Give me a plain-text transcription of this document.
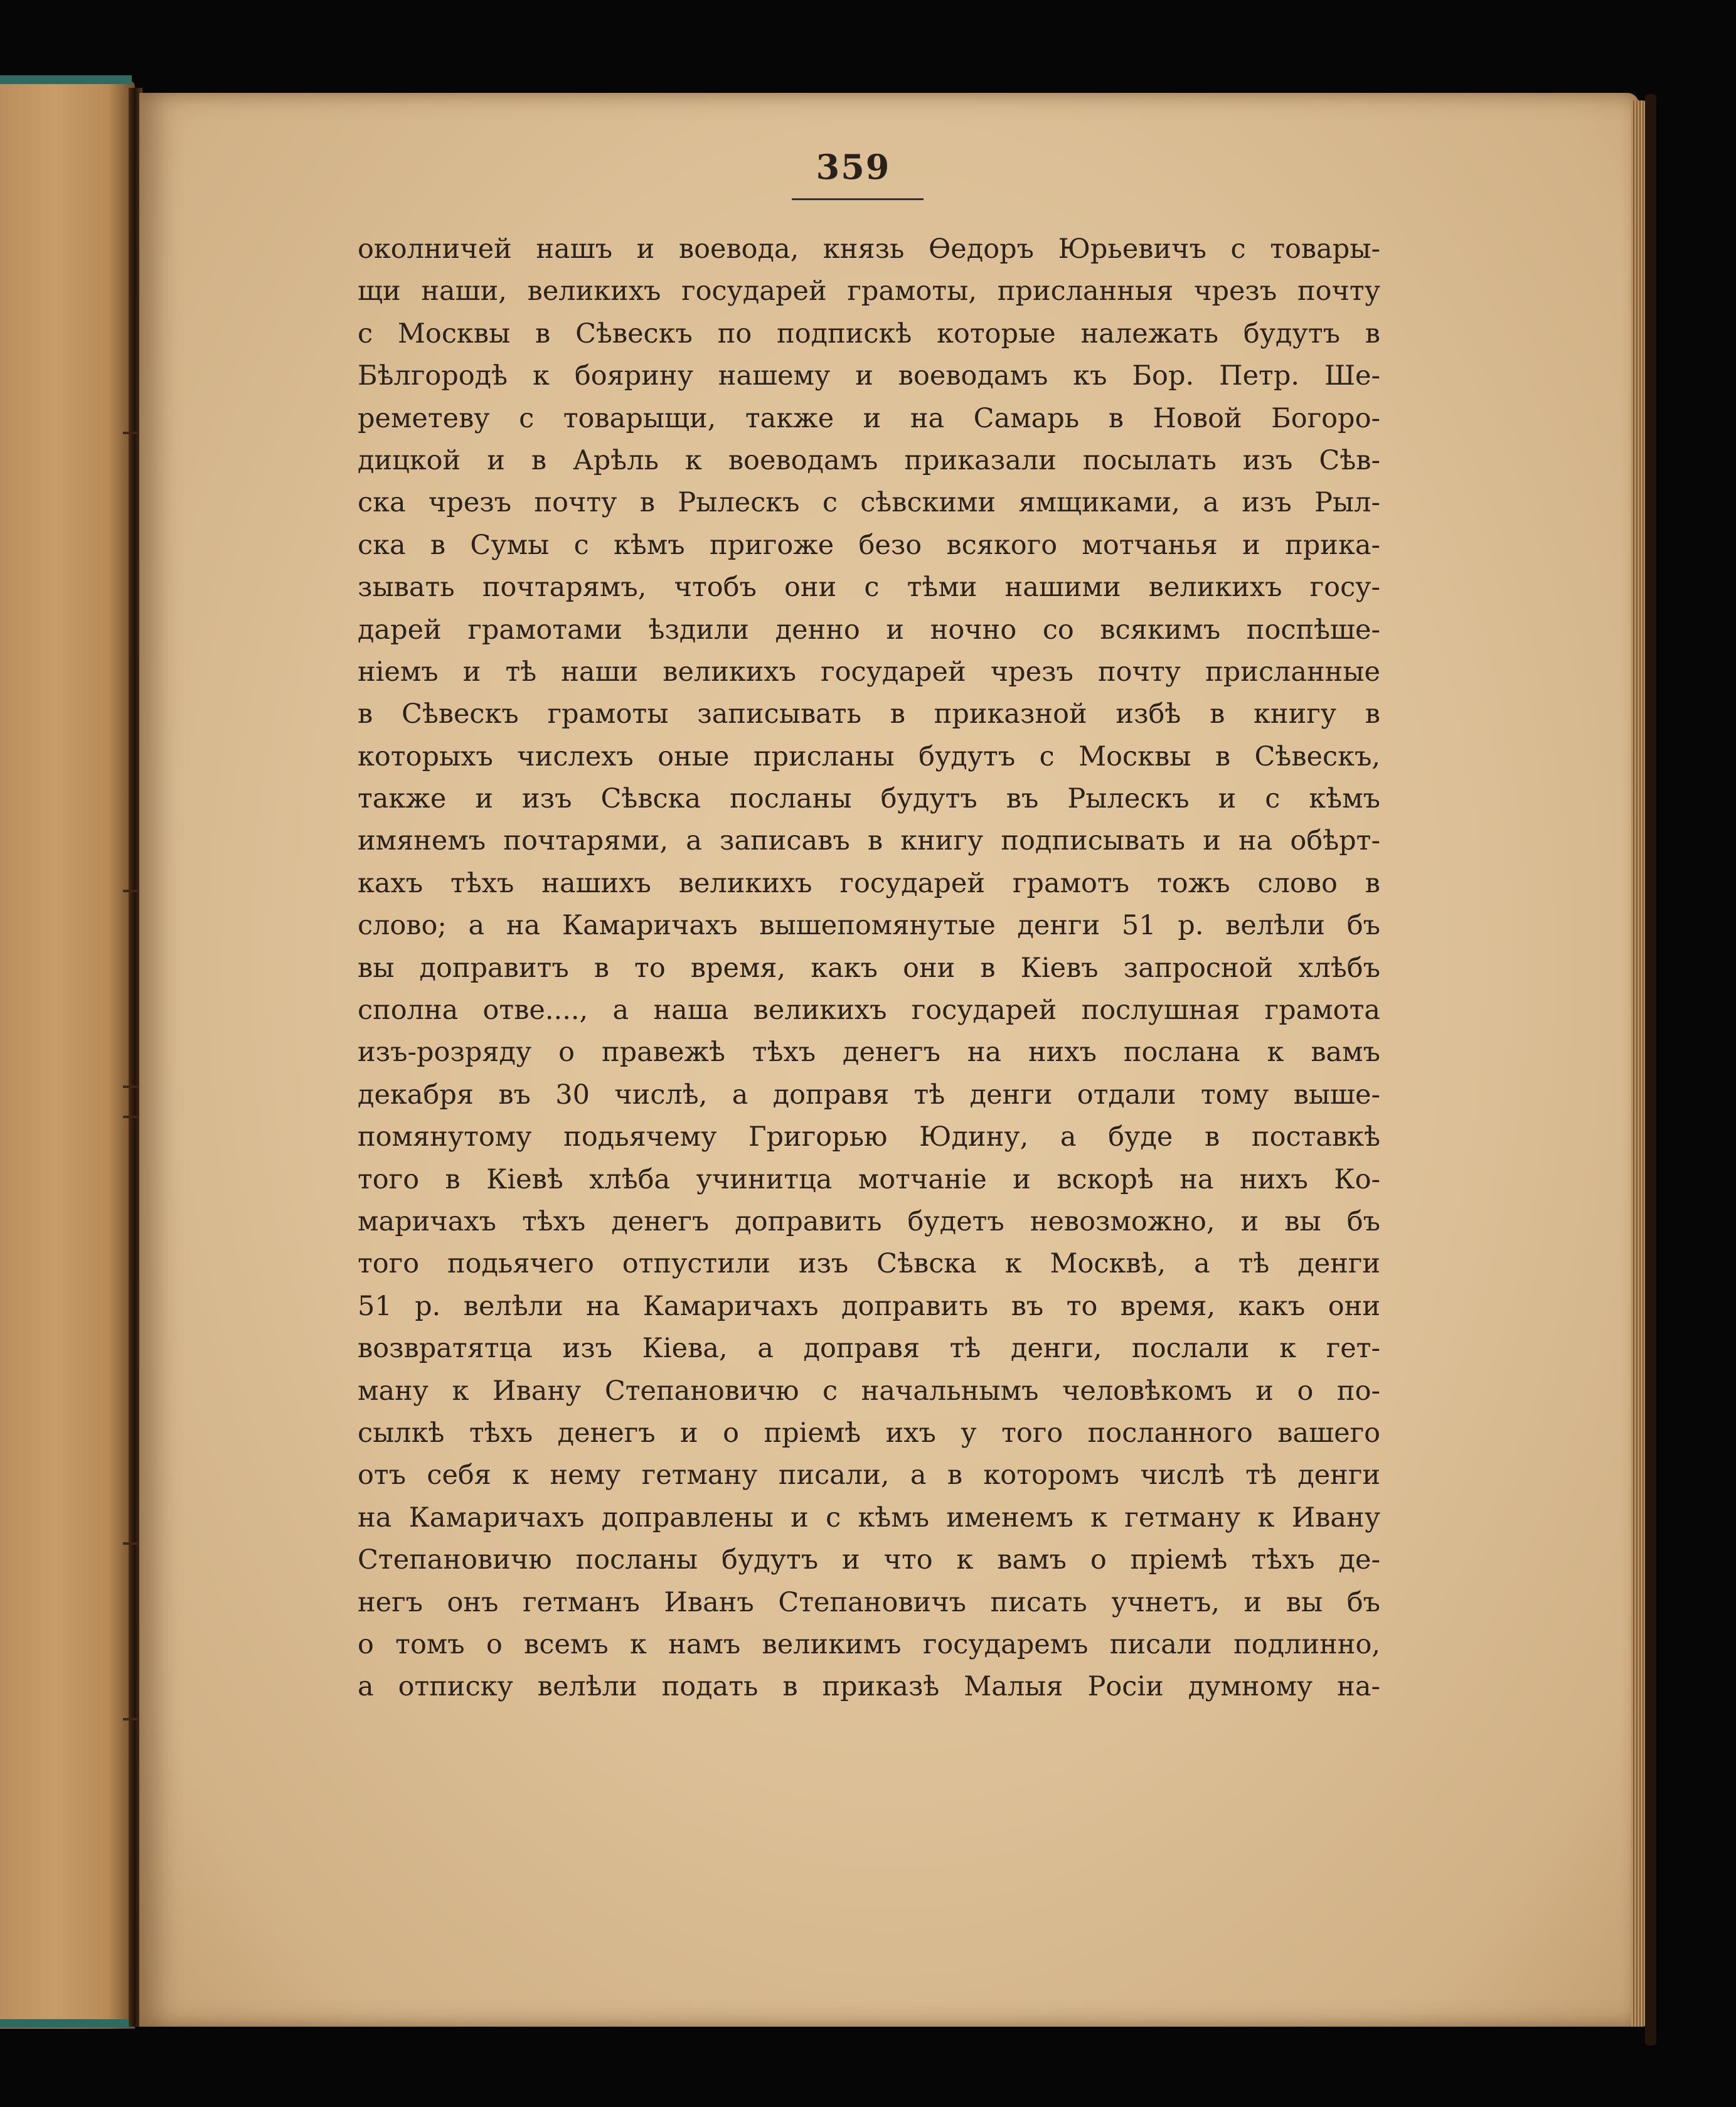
359
околничей нашъ и воевода, князь Ѳедоръ Юрьевичъ с товары-
щи наши, великихъ государей грамоты, присланныя чрезъ почту
с Москвы в Сѣвескъ по подпискѣ которые належать будутъ в
Бѣлгородѣ к боярину нашему и воеводамъ къ Бор. Петр. Ше-
реметеву с товарыщи, также и на Самарь в Новой Богоро-
дицкой и в Арѣль к воеводамъ приказали посылать изъ Сѣв-
ска чрезъ почту в Рылескъ с сѣвскими ямщиками, а изъ Рыл-
ска в Сумы с кѣмъ пригоже безо всякого мотчанья и прика-
зывать почтарямъ, чтобъ они с тѣми нашими великихъ госу-
дарей грамотами ѣздили денно и ночно со всякимъ поспѣше-
ніемъ и тѣ наши великихъ государей чрезъ почту присланные
в Сѣвескъ грамоты записывать в приказной избѣ в книгу в
которыхъ числехъ оные присланы будутъ с Москвы в Сѣвескъ,
также и изъ Сѣвска посланы будутъ въ Рылескъ и с кѣмъ
имянемъ почтарями, а записавъ в книгу подписывать и на обѣрт-
кахъ тѣхъ нашихъ великихъ государей грамотъ тожъ слово в
слово; а на Камаричахъ вышепомянутые денги 51 р. велѣли бъ
вы доправитъ в то время, какъ они в Кіевъ запросной хлѣбъ
сполна отве...., а наша великихъ государей послушная грамота
изъ-розряду о правежѣ тѣхъ денегъ на нихъ послана к вамъ
декабря въ 30 числѣ, а доправя тѣ денги отдали тому выше-
помянутому подьячему Григорью Юдину, а буде в поставкѣ
того в Кіевѣ хлѣба учинитца мотчаніе и вскорѣ на нихъ Ко-
маричахъ тѣхъ денегъ доправить будетъ невозможно, и вы бъ
того подьячего отпустили изъ Сѣвска к Москвѣ, а тѣ денги
51 р. велѣли на Камаричахъ доправить въ то время, какъ они
возвратятца изъ Кіева, а доправя тѣ денги, послали к гет-
ману к Ивану Степановичю с начальнымъ человѣкомъ и о по-
сылкѣ тѣхъ денегъ и о пріемѣ ихъ у того посланного вашего
отъ себя к нему гетману писали, а в которомъ числѣ тѣ денги
на Камаричахъ доправлены и с кѣмъ именемъ к гетману к Ивану
Степановичю посланы будутъ и что к вамъ о пріемѣ тѣхъ де-
негъ онъ гетманъ Иванъ Степановичъ писать учнетъ, и вы бъ
о томъ о всемъ к намъ великимъ государемъ писали подлинно,
а отписку велѣли подать в приказѣ Малыя Росіи думному на-
